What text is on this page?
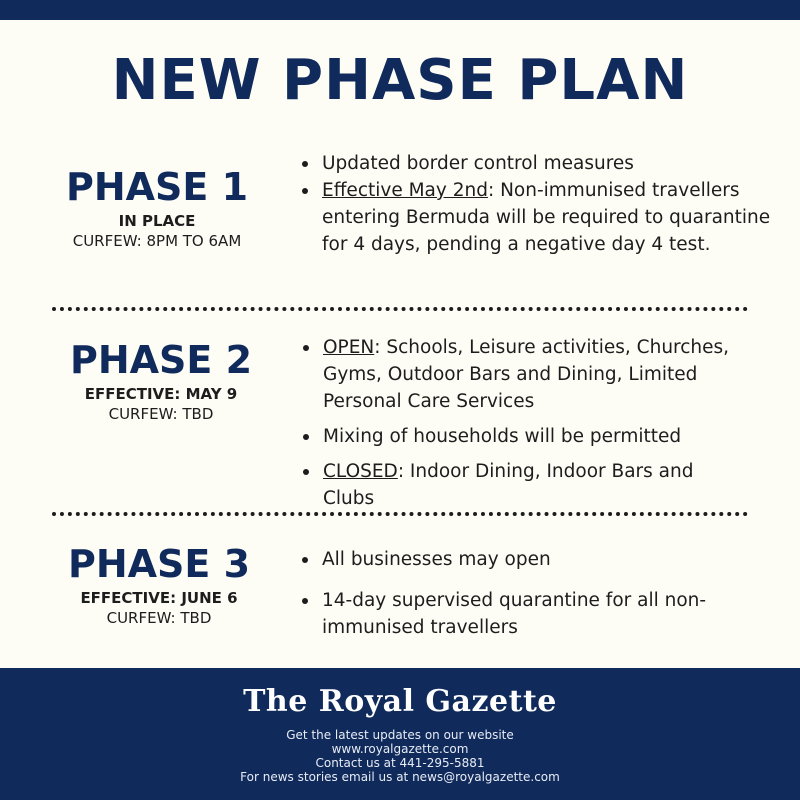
NEW PHASE PLAN
PHASE 1
IN PLACE
CURFEW: 8PM TO 6AM
Updated border control measures
Effective May 2nd: Non-immunised travellers entering Bermuda will be required to quarantine for 4 days, pending a negative day 4 test.
PHASE 2
EFFECTIVE: MAY 9
CURFEW: TBD
OPEN: Schools, Leisure activities, Churches, Gyms, Outdoor Bars and Dining, Limited Personal Care Services
Mixing of households will be permitted
CLOSED: Indoor Dining, Indoor Bars and Clubs
PHASE 3
EFFECTIVE: JUNE 6
CURFEW: TBD
All businesses may open
14-day supervised quarantine for all non-immunised travellers
The Royal Gazette
Get the latest updates on our website
www.royalgazette.com
Contact us at 441-295-5881
For news stories email us at news@royalgazette.com
